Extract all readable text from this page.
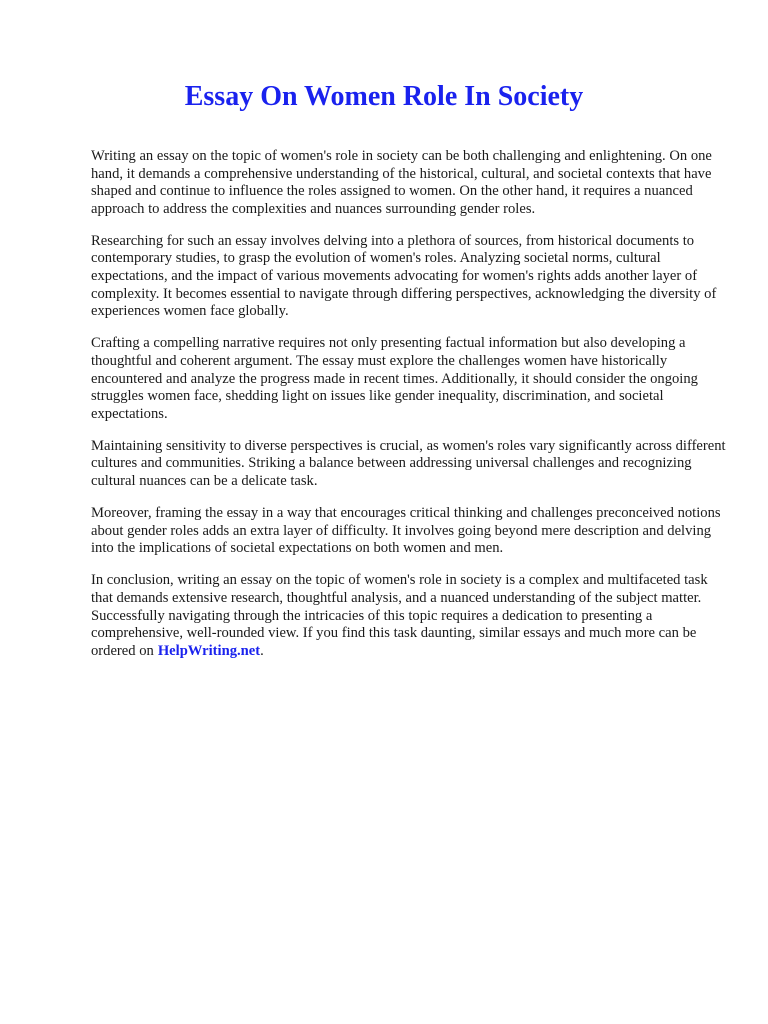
Essay On Women Role In Society

Writing an essay on the topic of women's role in society can be both challenging and enlightening. On one hand, it demands a comprehensive understanding of the historical, cultural, and societal contexts that have shaped and continue to influence the roles assigned to women. On the other hand, it requires a nuanced approach to address the complexities and nuances surrounding gender roles.

Researching for such an essay involves delving into a plethora of sources, from historical documents to contemporary studies, to grasp the evolution of women's roles. Analyzing societal norms, cultural expectations, and the impact of various movements advocating for women's rights adds another layer of complexity. It becomes essential to navigate through differing perspectives, acknowledging the diversity of experiences women face globally.

Crafting a compelling narrative requires not only presenting factual information but also developing a thoughtful and coherent argument. The essay must explore the challenges women have historically encountered and analyze the progress made in recent times. Additionally, it should consider the ongoing struggles women face, shedding light on issues like gender inequality, discrimination, and societal expectations.

Maintaining sensitivity to diverse perspectives is crucial, as women's roles vary significantly across different cultures and communities. Striking a balance between addressing universal challenges and recognizing cultural nuances can be a delicate task.

Moreover, framing the essay in a way that encourages critical thinking and challenges preconceived notions about gender roles adds an extra layer of difficulty. It involves going beyond mere description and delving into the implications of societal expectations on both women and men.

In conclusion, writing an essay on the topic of women's role in society is a complex and multifaceted task that demands extensive research, thoughtful analysis, and a nuanced understanding of the subject matter. Successfully navigating through the intricacies of this topic requires a dedication to presenting a comprehensive, well-rounded view. If you find this task daunting, similar essays and much more can be ordered on HelpWriting.net.
